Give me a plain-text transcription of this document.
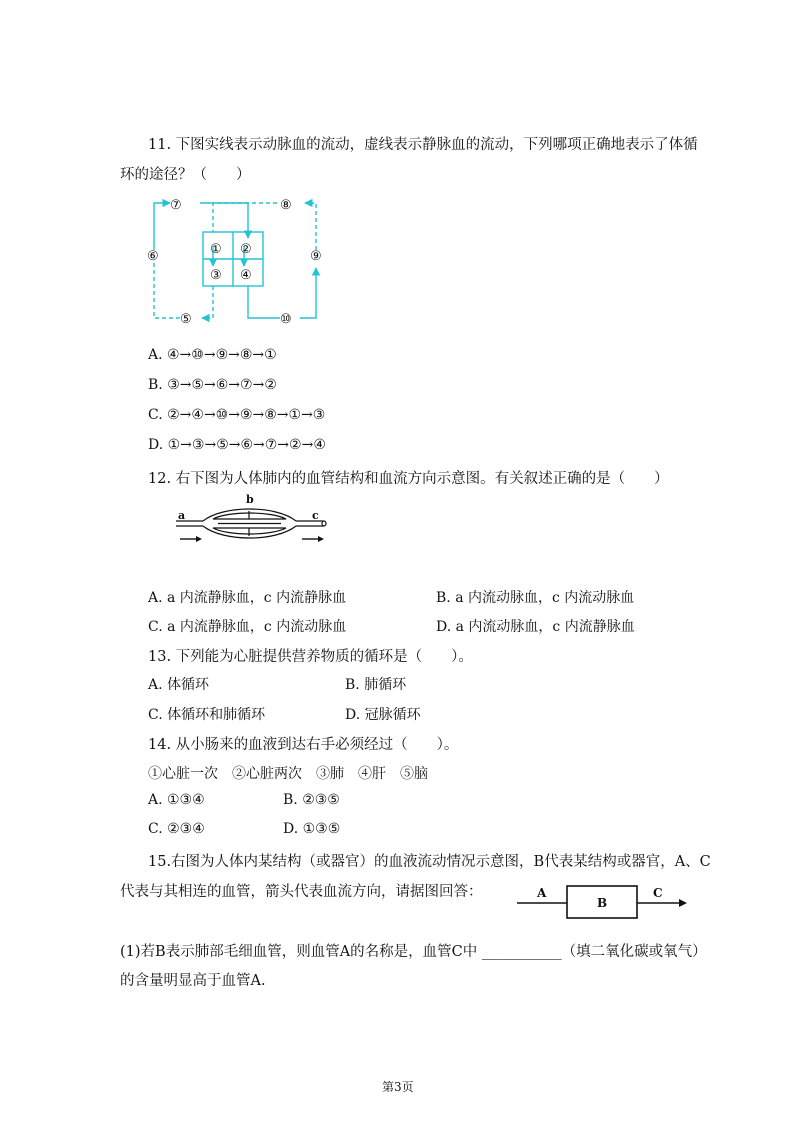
11. 下图实线表示动脉血的流动，虚线表示静脉血的流动，下列哪项正确地表示了体循
环的途径？（　　）
⑦	⑧
⑥	⑨
⑤	⑩
① ②
③ ④
A. ④→⑩→⑨→⑧→①
B. ③→⑤→⑥→⑦→②
C. ②→④→⑩→⑨→⑧→①→③
D. ①→③→⑤→⑥→⑦→②→④
12. 右下图为人体肺内的血管结构和血流方向示意图。有关叙述正确的是（　　）
a
b
c
A. a 内流静脉血，c 内流静脉血	B. a 内流动脉血，c 内流动脉血
C. a 内流静脉血，c 内流动脉血	D. a 内流动脉血，c 内流静脉血
13. 下列能为心脏提供营养物质的循环是（　　）。
A. 体循环	B. 肺循环
C. 体循环和肺循环	D. 冠脉循环
14. 从小肠来的血液到达右手必须经过（　　）。
①心脏一次　②心脏两次　③肺　④肝　⑤脑
A. ①③④	B. ②③⑤
C. ②③④	D. ①③⑤
15.右图为人体内某结构（或器官）的血液流动情况示意图，B代表某结构或器官，A、C
代表与其相连的血管，箭头代表血流方向，请据图回答：	A
B
C
(1)若B表示肺部毛细血管，则血管A的名称是，血管C中 ___________（填二氧化碳或氧气）
的含量明显高于血管A.
第3页
